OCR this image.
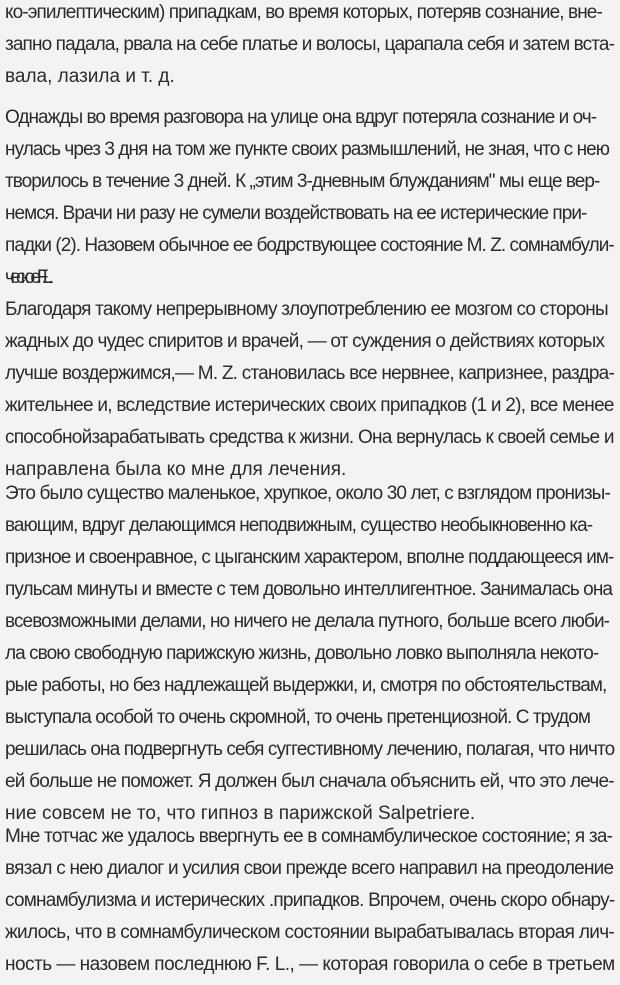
ко-эпилептическим) припадкам, во время которых, потеряв сознание, вне-
запно падала, рвала на себе платье и волосы, царапала себя и затем вста-
вала, лазила и т. д.
Однажды во время разговора на улице она вдруг потеряла сознание и оч-
нулась чрез 3 дня на том же пункте своих размышлений, не зная, что с нею
творилось в течение 3 дней. К „этим 3-дневным блужданиям" мы еще вер-
немся. Врачи ни разу не сумели воздействовать на ее истерические при-
падки (2). Назовем обычное ее бодрствующее состояние М. Z. сомнамбули-
ческое F. L.
Благодаря такому непрерывному злоупотреблению ее мозгом со стороны
жадных до чудес спиритов и врачей, — от суждения о действиях которых
лучше воздержимся,— М. Z. становилась все нервнее, капризнее, раздра-
жительнее и, вследствие истерических своих припадков (1 и 2), все менее
способнойзарабатывать средства к жизни. Она вернулась к своей семье и
направлена была ко мне для лечения.
Это было существо маленькое, хрупкое, около 30 лет, с взглядом пронизы-
вающим, вдруг делающимся неподвижным, существо необыкновенно ка-
призное и своенравное, с цыганским характером, вполне поддающееся им-
пульсам минуты и вместе с тем довольно интеллигентное. Занималась она
всевозможными делами, но ничего не делала путного, больше всего люби-
ла свою свободную парижскую жизнь, довольно ловко выполняла некото-
рые работы, но без надлежащей выдержки, и, смотря по обстоятельствам,
выступала особой то очень скромной, то очень претенциозной. С трудом
решилась она подвергнуть себя суггестивному лечению, полагая, что ничто
ей больше не поможет. Я должен был сначала объяснить ей, что это лече-
ние совсем не то, что гипноз в парижской Salpetriere.
Мне тотчас же удалось ввергнуть ее в сомнамбулическое состояние; я за-
вязал с нею диалог и усилия свои прежде всего направил на преодоление
сомнамбулизма и истерических .припадков. Впрочем, очень скоро обнару-
жилось, что в сомнамбулическом состоянии вырабатывалась вторая лич-
ность — назовем последнюю F. L., — которая говорила о себе в третьем
